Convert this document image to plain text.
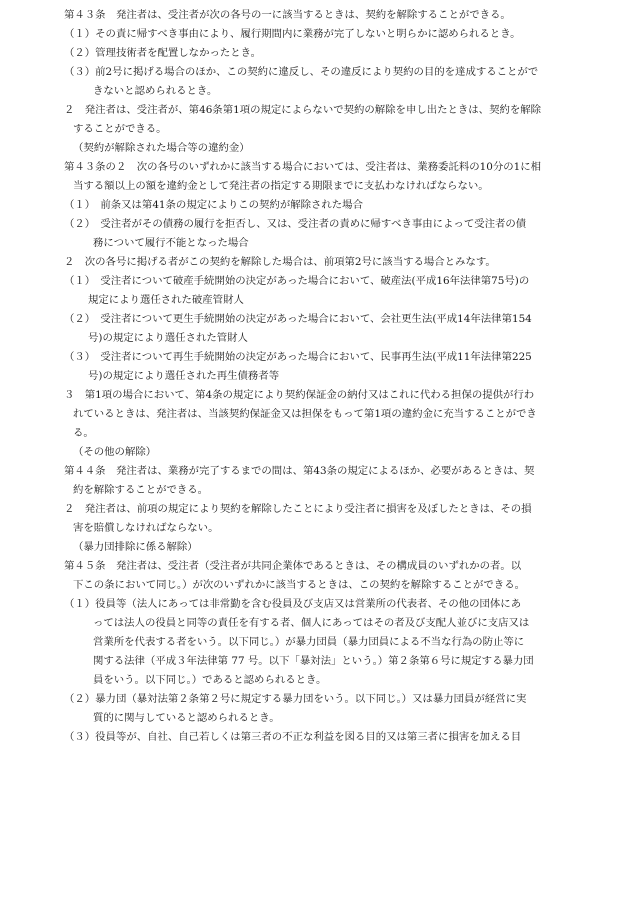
第４３条　発注者は、受注者が次の各号の一に該当するときは、契約を解除することができる。
（１）その責に帰すべき事由により、履行期間内に業務が完了しないと明らかに認められるとき。
（２）管理技術者を配置しなかったとき。
（３）前2号に掲げる場合のほか、この契約に違反し、その違反により契約の目的を達成することがで
きないと認められるとき。
２　発注者は、受注者が、第46条第1項の規定によらないで契約の解除を申し出たときは、契約を解除
することができる。
（契約が解除された場合等の違約金）
第４３条の２　次の各号のいずれかに該当する場合においては、受注者は、業務委託料の10分の1に相
当する額以上の額を違約金として発注者の指定する期限までに支払わなければならない。
（１）　前条又は第41条の規定によりこの契約が解除された場合
（２）　受注者がその債務の履行を拒否し、又は、受注者の責めに帰すべき事由によって受注者の債
務について履行不能となった場合
２　次の各号に掲げる者がこの契約を解除した場合は、前項第2号に該当する場合とみなす。
（１）　受注者について破産手続開始の決定があった場合において、破産法(平成16年法律第75号)の
規定により選任された破産管財人
（２）　受注者について更生手続開始の決定があった場合において、会社更生法(平成14年法律第154
号)の規定により選任された管財人
（３）　受注者について再生手続開始の決定があった場合において、民事再生法(平成11年法律第225
号)の規定により選任された再生債務者等
３　第1項の場合において、第4条の規定により契約保証金の納付又はこれに代わる担保の提供が行わ
れているときは、発注者は、当該契約保証金又は担保をもって第1項の違約金に充当することができ
る。
（その他の解除）
第４４条　発注者は、業務が完了するまでの間は、第43条の規定によるほか、必要があるときは、契
約を解除することができる。
２　発注者は、前項の規定により契約を解除したことにより受注者に損害を及ぼしたときは、その損
害を賠償しなければならない。
（暴力団排除に係る解除）
第４５条　発注者は、受注者（受注者が共同企業体であるときは、その構成員のいずれかの者。以
下この条において同じ。）が次のいずれかに該当するときは、この契約を解除することができる。
（１）役員等（法人にあっては非常勤を含む役員及び支店又は営業所の代表者、その他の団体にあ
っては法人の役員と同等の責任を有する者、個人にあってはその者及び支配人並びに支店又は
営業所を代表する者をいう。以下同じ。）が暴力団員（暴力団員による不当な行為の防止等に
関する法律（平成３年法律第 77 号。以下「暴対法」という。）第２条第６号に規定する暴力団
員をいう。以下同じ。）であると認められるとき。
（２）暴力団（暴対法第２条第２号に規定する暴力団をいう。以下同じ。）又は暴力団員が経営に実
質的に関与していると認められるとき。
（３）役員等が、自社、自己若しくは第三者の不正な利益を図る目的又は第三者に損害を加える目
